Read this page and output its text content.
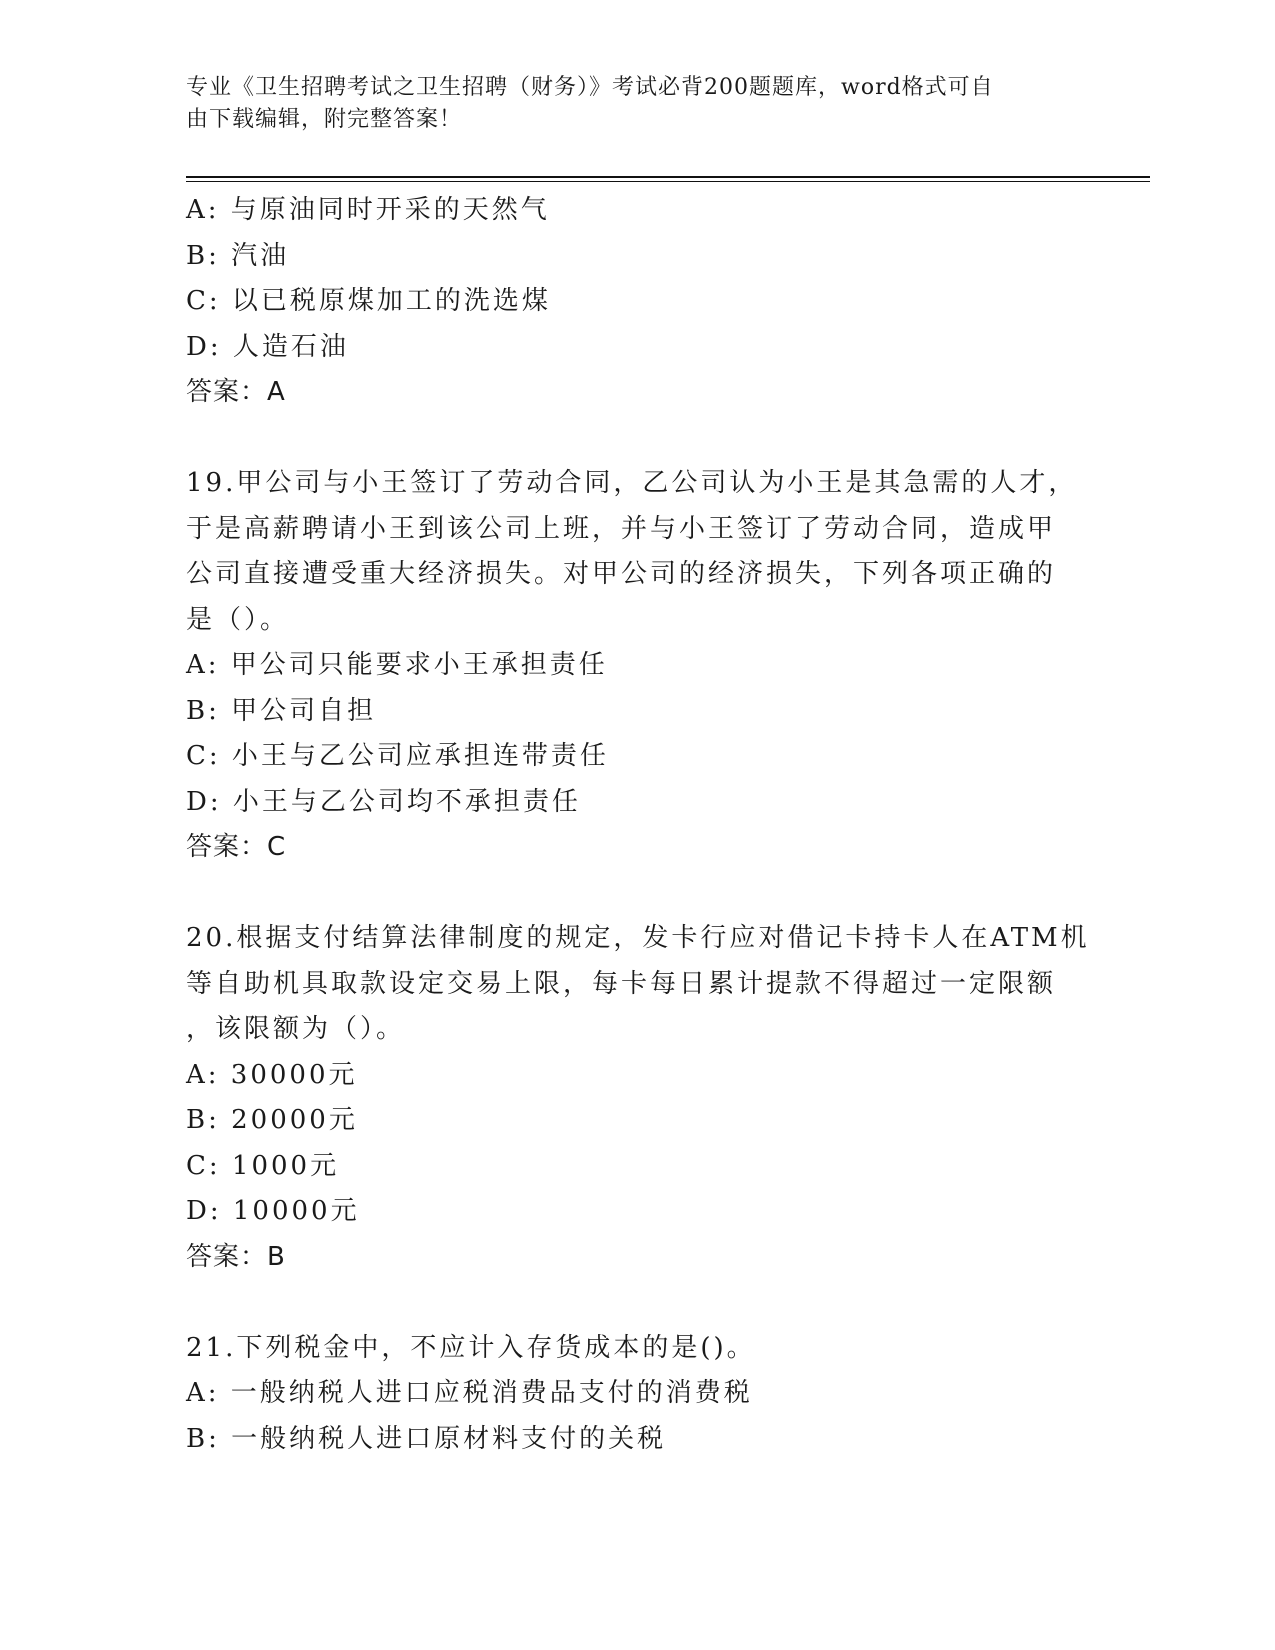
专业《卫生招聘考试之卫生招聘（财务）》考试必背200题题库，word格式可自
由下载编辑，附完整答案！
A: 与原油同时开采的天然气
B: 汽油
C: 以已税原煤加工的洗选煤
D: 人造石油
答案：A
19.甲公司与小王签订了劳动合同，乙公司认为小王是其急需的人才，
于是高薪聘请小王到该公司上班，并与小王签订了劳动合同，造成甲
公司直接遭受重大经济损失。对甲公司的经济损失，下列各项正确的
是（）。
A: 甲公司只能要求小王承担责任
B: 甲公司自担
C: 小王与乙公司应承担连带责任
D: 小王与乙公司均不承担责任
答案：C
20.根据支付结算法律制度的规定，发卡行应对借记卡持卡人在ATM机
等自助机具取款设定交易上限，每卡每日累计提款不得超过一定限额
，该限额为（）。
A: 30000元
B: 20000元
C: 1000元
D: 10000元
答案：B
21.下列税金中，不应计入存货成本的是()。
A: 一般纳税人进口应税消费品支付的消费税
B: 一般纳税人进口原材料支付的关税
